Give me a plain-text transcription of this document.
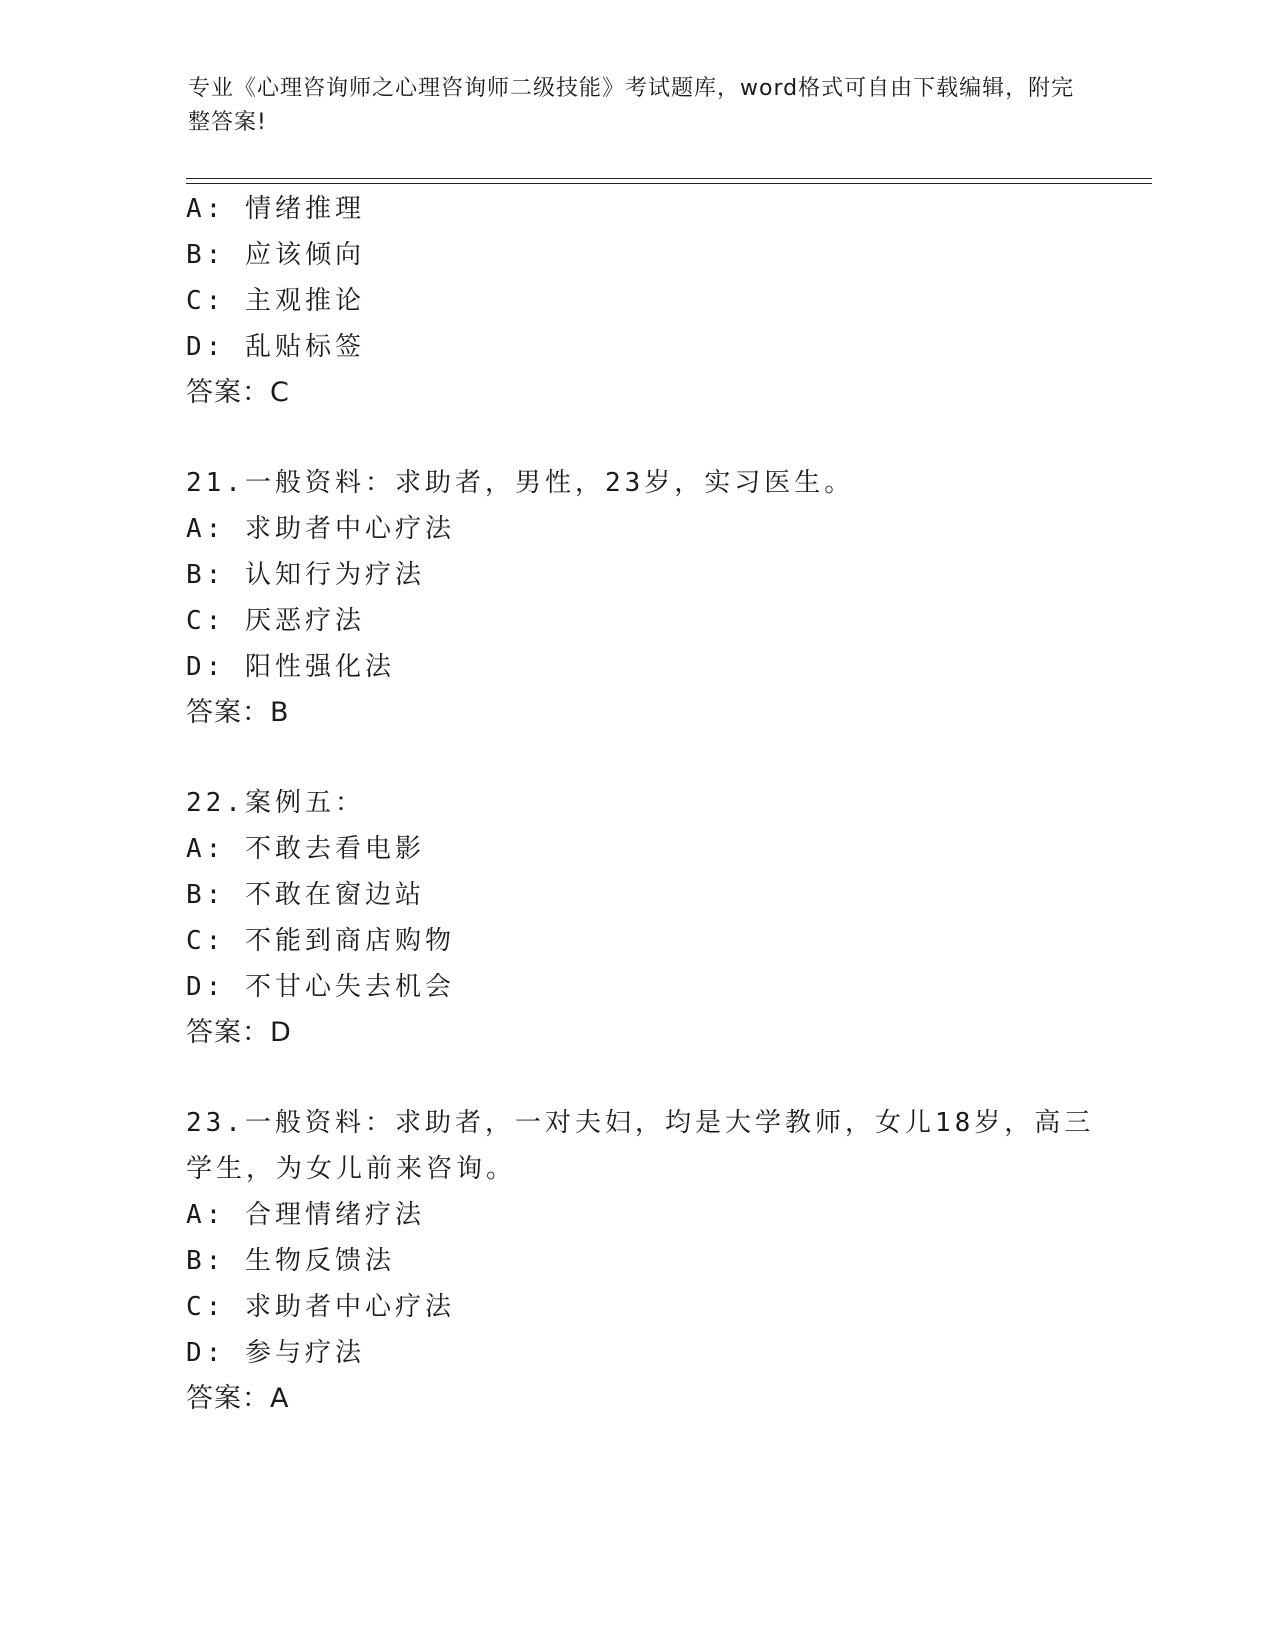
专业《心理咨询师之心理咨询师二级技能》考试题库，word格式可自由下载编辑，附完整答案!
A: 情绪推理
B: 应该倾向
C: 主观推论
D: 乱贴标签
答案：C
21.一般资料：求助者，男性，23岁，实习医生。
A: 求助者中心疗法
B: 认知行为疗法
C: 厌恶疗法
D: 阳性强化法
答案：B
22.案例五：
A: 不敢去看电影
B: 不敢在窗边站
C: 不能到商店购物
D: 不甘心失去机会
答案：D
23.一般资料：求助者，一对夫妇，均是大学教师，女儿18岁，高三
学生，为女儿前来咨询。
A: 合理情绪疗法
B: 生物反馈法
C: 求助者中心疗法
D: 参与疗法
答案：A
